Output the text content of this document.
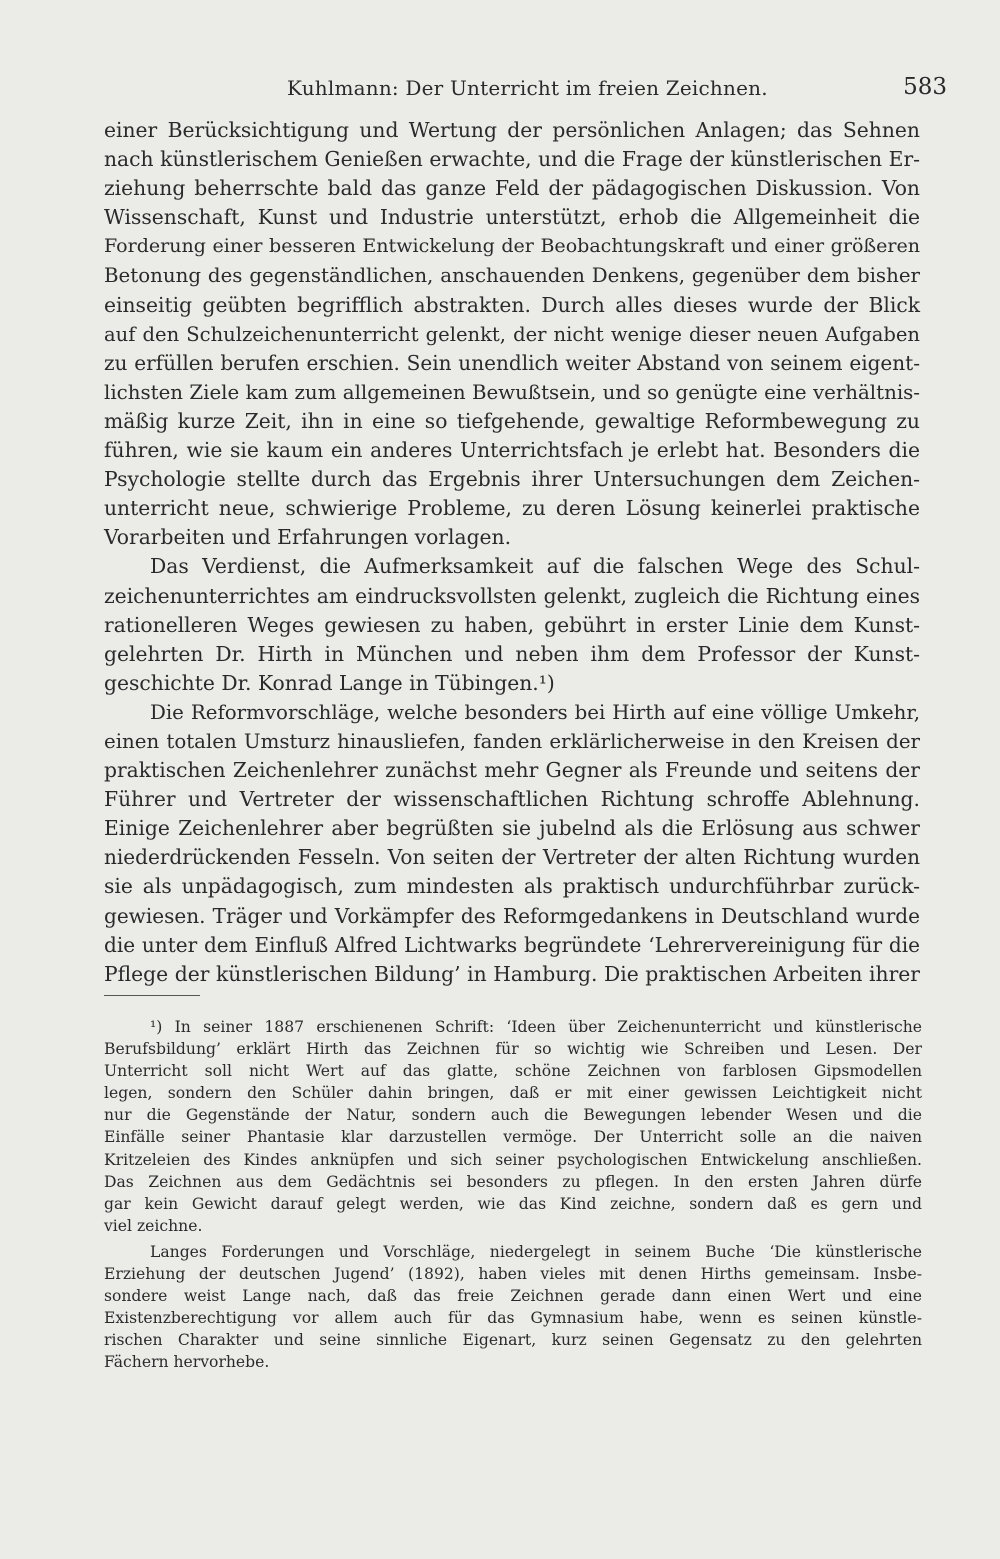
Kuhlmann: Der Unterricht im freien Zeichnen.	583
einer Berücksichtigung und Wertung der persönlichen Anlagen; das Sehnen
nach künstlerischem Genießen erwachte, und die Frage der künstlerischen Er-
ziehung beherrschte bald das ganze Feld der pädagogischen Diskussion. Von
Wissenschaft, Kunst und Industrie unterstützt, erhob die Allgemeinheit die
Forderung einer besseren Entwickelung der Beobachtungskraft und einer größeren
Betonung des gegenständlichen, anschauenden Denkens, gegenüber dem bisher
einseitig geübten begrifflich abstrakten. Durch alles dieses wurde der Blick
auf den Schulzeichenunterricht gelenkt, der nicht wenige dieser neuen Aufgaben
zu erfüllen berufen erschien. Sein unendlich weiter Abstand von seinem eigent-
lichsten Ziele kam zum allgemeinen Bewußtsein, und so genügte eine verhältnis-
mäßig kurze Zeit, ihn in eine so tiefgehende, gewaltige Reformbewegung zu
führen, wie sie kaum ein anderes Unterrichtsfach je erlebt hat. Besonders die
Psychologie stellte durch das Ergebnis ihrer Untersuchungen dem Zeichen-
unterricht neue, schwierige Probleme, zu deren Lösung keinerlei praktische
Vorarbeiten und Erfahrungen vorlagen.
Das Verdienst, die Aufmerksamkeit auf die falschen Wege des Schul-
zeichenunterrichtes am eindrucksvollsten gelenkt, zugleich die Richtung eines
rationelleren Weges gewiesen zu haben, gebührt in erster Linie dem Kunst-
gelehrten Dr. Hirth in München und neben ihm dem Professor der Kunst-
geschichte Dr. Konrad Lange in Tübingen.¹)
Die Reformvorschläge, welche besonders bei Hirth auf eine völlige Umkehr,
einen totalen Umsturz hinausliefen, fanden erklärlicherweise in den Kreisen der
praktischen Zeichenlehrer zunächst mehr Gegner als Freunde und seitens der
Führer und Vertreter der wissenschaftlichen Richtung schroffe Ablehnung.
Einige Zeichenlehrer aber begrüßten sie jubelnd als die Erlösung aus schwer
niederdrückenden Fesseln. Von seiten der Vertreter der alten Richtung wurden
sie als unpädagogisch, zum mindesten als praktisch undurchführbar zurück-
gewiesen. Träger und Vorkämpfer des Reformgedankens in Deutschland wurde
die unter dem Einfluß Alfred Lichtwarks begründete ‘Lehrervereinigung für die
Pflege der künstlerischen Bildung’ in Hamburg. Die praktischen Arbeiten ihrer
¹) In seiner 1887 erschienenen Schrift: ‘Ideen über Zeichenunterricht und künstlerische
Berufsbildung’ erklärt Hirth das Zeichnen für so wichtig wie Schreiben und Lesen. Der
Unterricht soll nicht Wert auf das glatte, schöne Zeichnen von farblosen Gipsmodellen
legen, sondern den Schüler dahin bringen, daß er mit einer gewissen Leichtigkeit nicht
nur die Gegenstände der Natur, sondern auch die Bewegungen lebender Wesen und die
Einfälle seiner Phantasie klar darzustellen vermöge. Der Unterricht solle an die naiven
Kritzeleien des Kindes anknüpfen und sich seiner psychologischen Entwickelung anschließen.
Das Zeichnen aus dem Gedächtnis sei besonders zu pflegen. In den ersten Jahren dürfe
gar kein Gewicht darauf gelegt werden, wie das Kind zeichne, sondern daß es gern und
viel zeichne.
Langes Forderungen und Vorschläge, niedergelegt in seinem Buche ‘Die künstlerische
Erziehung der deutschen Jugend’ (1892), haben vieles mit denen Hirths gemeinsam. Insbe-
sondere weist Lange nach, daß das freie Zeichnen gerade dann einen Wert und eine
Existenzberechtigung vor allem auch für das Gymnasium habe, wenn es seinen künstle-
rischen Charakter und seine sinnliche Eigenart, kurz seinen Gegensatz zu den gelehrten
Fächern hervorhebe.
